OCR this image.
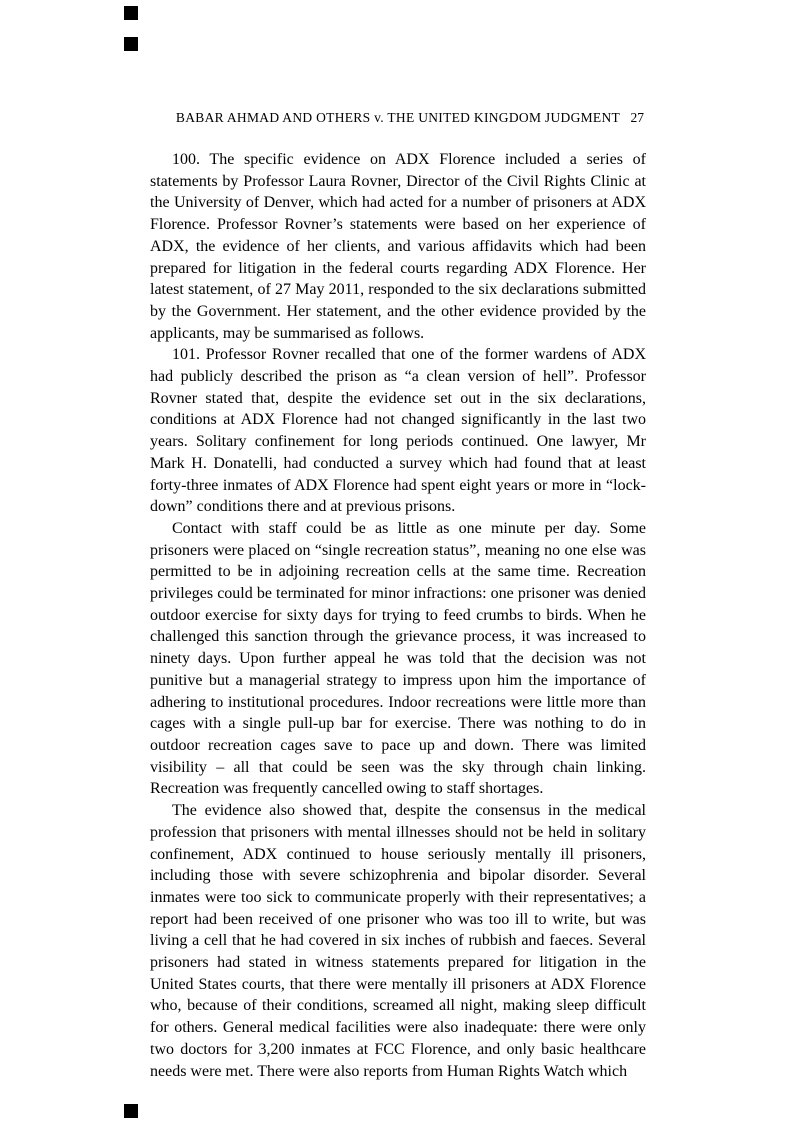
BABAR AHMAD AND OTHERS v. THE UNITED KINGDOM JUDGMENT 27

100. The specific evidence on ADX Florence included a series of statements by Professor Laura Rovner, Director of the Civil Rights Clinic at the University of Denver, which had acted for a number of prisoners at ADX Florence. Professor Rovner’s statements were based on her experience of ADX, the evidence of her clients, and various affidavits which had been prepared for litigation in the federal courts regarding ADX Florence. Her latest statement, of 27 May 2011, responded to the six declarations submitted by the Government. Her statement, and the other evidence provided by the applicants, may be summarised as follows.

101. Professor Rovner recalled that one of the former wardens of ADX had publicly described the prison as “a clean version of hell”. Professor Rovner stated that, despite the evidence set out in the six declarations, conditions at ADX Florence had not changed significantly in the last two years. Solitary confinement for long periods continued. One lawyer, Mr Mark H. Donatelli, had conducted a survey which had found that at least forty-three inmates of ADX Florence had spent eight years or more in “lock-down” conditions there and at previous prisons.

Contact with staff could be as little as one minute per day. Some prisoners were placed on “single recreation status”, meaning no one else was permitted to be in adjoining recreation cells at the same time. Recreation privileges could be terminated for minor infractions: one prisoner was denied outdoor exercise for sixty days for trying to feed crumbs to birds. When he challenged this sanction through the grievance process, it was increased to ninety days. Upon further appeal he was told that the decision was not punitive but a managerial strategy to impress upon him the importance of adhering to institutional procedures. Indoor recreations were little more than cages with a single pull-up bar for exercise. There was nothing to do in outdoor recreation cages save to pace up and down. There was limited visibility – all that could be seen was the sky through chain linking. Recreation was frequently cancelled owing to staff shortages.

The evidence also showed that, despite the consensus in the medical profession that prisoners with mental illnesses should not be held in solitary confinement, ADX continued to house seriously mentally ill prisoners, including those with severe schizophrenia and bipolar disorder. Several inmates were too sick to communicate properly with their representatives; a report had been received of one prisoner who was too ill to write, but was living a cell that he had covered in six inches of rubbish and faeces. Several prisoners had stated in witness statements prepared for litigation in the United States courts, that there were mentally ill prisoners at ADX Florence who, because of their conditions, screamed all night, making sleep difficult for others. General medical facilities were also inadequate: there were only two doctors for 3,200 inmates at FCC Florence, and only basic healthcare needs were met. There were also reports from Human Rights Watch which
